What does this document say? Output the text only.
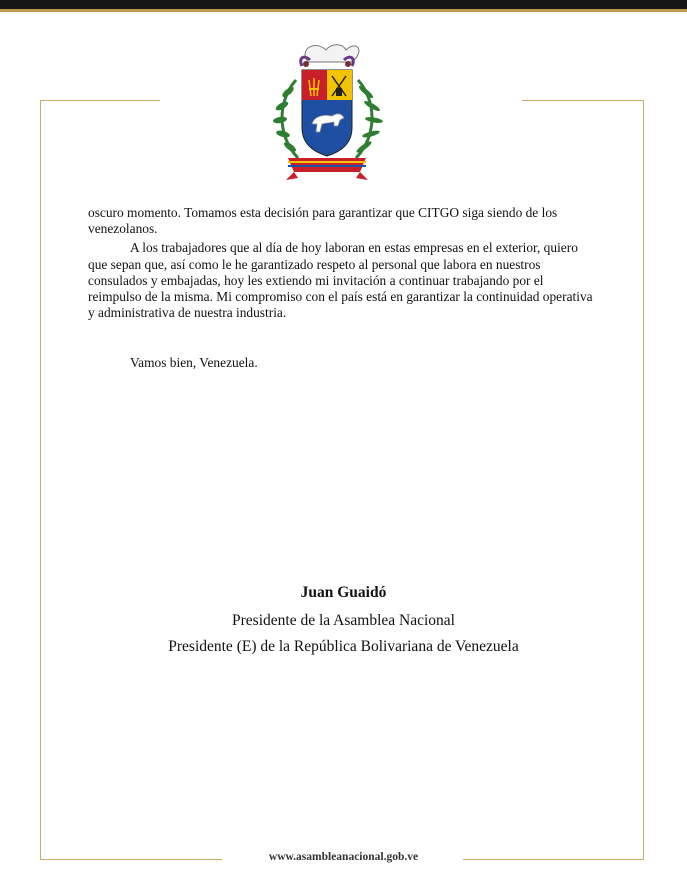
oscuro momento. Tomamos esta decisión para garantizar que CITGO siga siendo de los venezolanos.

A los trabajadores que al día de hoy laboran en estas empresas en el exterior, quiero que sepan que, así como le he garantizado respeto al personal que labora en nuestros consulados y embajadas, hoy les extiendo mi invitación a continuar trabajando por el reimpulso de la misma. Mi compromiso con el país está en garantizar la continuidad operativa y administrativa de nuestra industria.

Vamos bien, Venezuela.
Juan Guaidó
Presidente de la Asamblea Nacional
Presidente (E) de la República Bolivariana de Venezuela
www.asambleanacional.gob.ve
